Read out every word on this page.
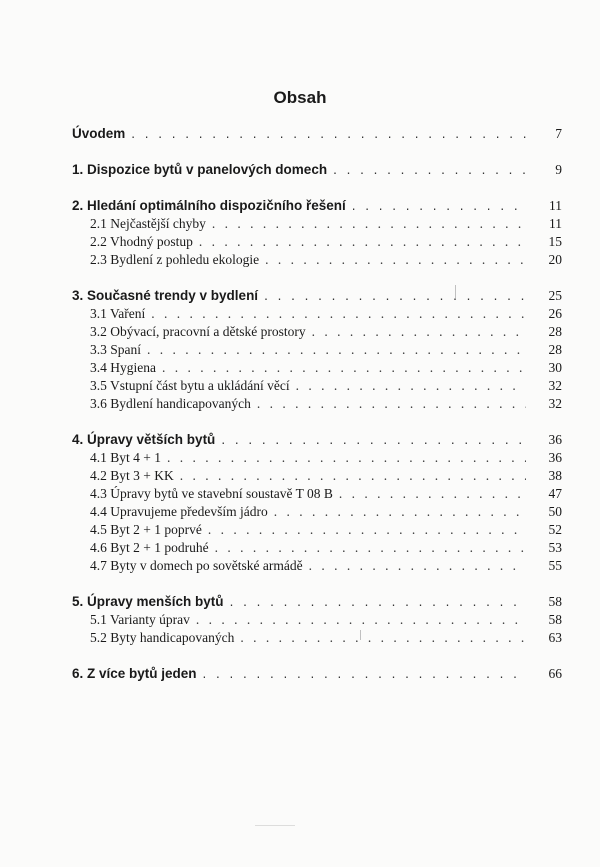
Obsah
Úvodem . . .	7
1. Dispozice bytů v panelových domech . . .	9
2. Hledání optimálního dispozičního řešení . . .	11
2.1 Nejčastější chyby . . .	11
2.2 Vhodný postup . . .	15
2.3 Bydlení z pohledu ekologie . . .	20
3. Současné trendy v bydlení . . .	25
3.1 Vaření . . .	26
3.2 Obývací, pracovní a dětské prostory . . .	28
3.3 Spaní . . .	28
3.4 Hygiena . . .	30
3.5 Vstupní část bytu a ukládání věcí . . .	32
3.6 Bydlení handicapovaných . . .	32
4. Úpravy větších bytů . . .	36
4.1 Byt 4 + 1 . . .	36
4.2 Byt 3 + KK . . .	38
4.3 Úpravy bytů ve stavební soustavě T 08 B . . .	47
4.4 Upravujeme především jádro . . .	50
4.5 Byt 2 + 1 poprvé . . .	52
4.6 Byt 2 + 1 podruhé . . .	53
4.7 Byty v domech po sovětské armádě . . .	55
5. Úpravy menších bytů . . .	58
5.1 Varianty úprav . . .	58
5.2 Byty handicapovaných . . .	63
6. Z více bytů jeden . . .	66
